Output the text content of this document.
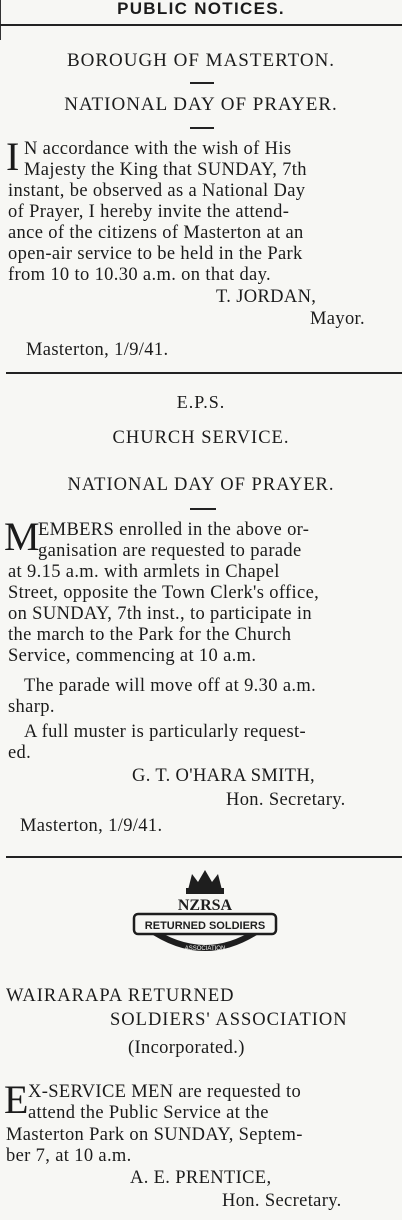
PUBLIC NOTICES.
BOROUGH OF MASTERTON.
NATIONAL DAY OF PRAYER.
I N accordance with the wish of His
Majesty the King that SUNDAY, 7th
instant, be observed as a National Day
of Prayer, I hereby invite the attend-
ance of the citizens of Masterton at an
open-air service to be held in the Park
from 10 to 10.30 a.m. on that day.
T. JORDAN,
Mayor.
Masterton, 1/9/41.
E.P.S.
CHURCH SERVICE.
NATIONAL DAY OF PRAYER.
M
EMBERS enrolled in the above or-
ganisation are requested to parade
at 9.15 a.m. with armlets in Chapel
Street, opposite the Town Clerk's office,
on SUNDAY, 7th inst., to participate in
the march to the Park for the Church
Service, commencing at 10 a.m.
The parade will move off at 9.30 a.m.
sharp.
A full muster is particularly request-
ed.
G. T. O'HARA SMITH,
Hon. Secretary.
Masterton, 1/9/41.
NZRSA
RETURNED SOLDIERS
ASSOCIATION
WAIRARAPA RETURNED
SOLDIERS' ASSOCIATION
(Incorporated.)
E X-SERVICE MEN are requested to
attend the Public Service at the
Masterton Park on SUNDAY, Septem-
ber 7, at 10 a.m.
A. E. PRENTICE,
Hon. Secretary.
